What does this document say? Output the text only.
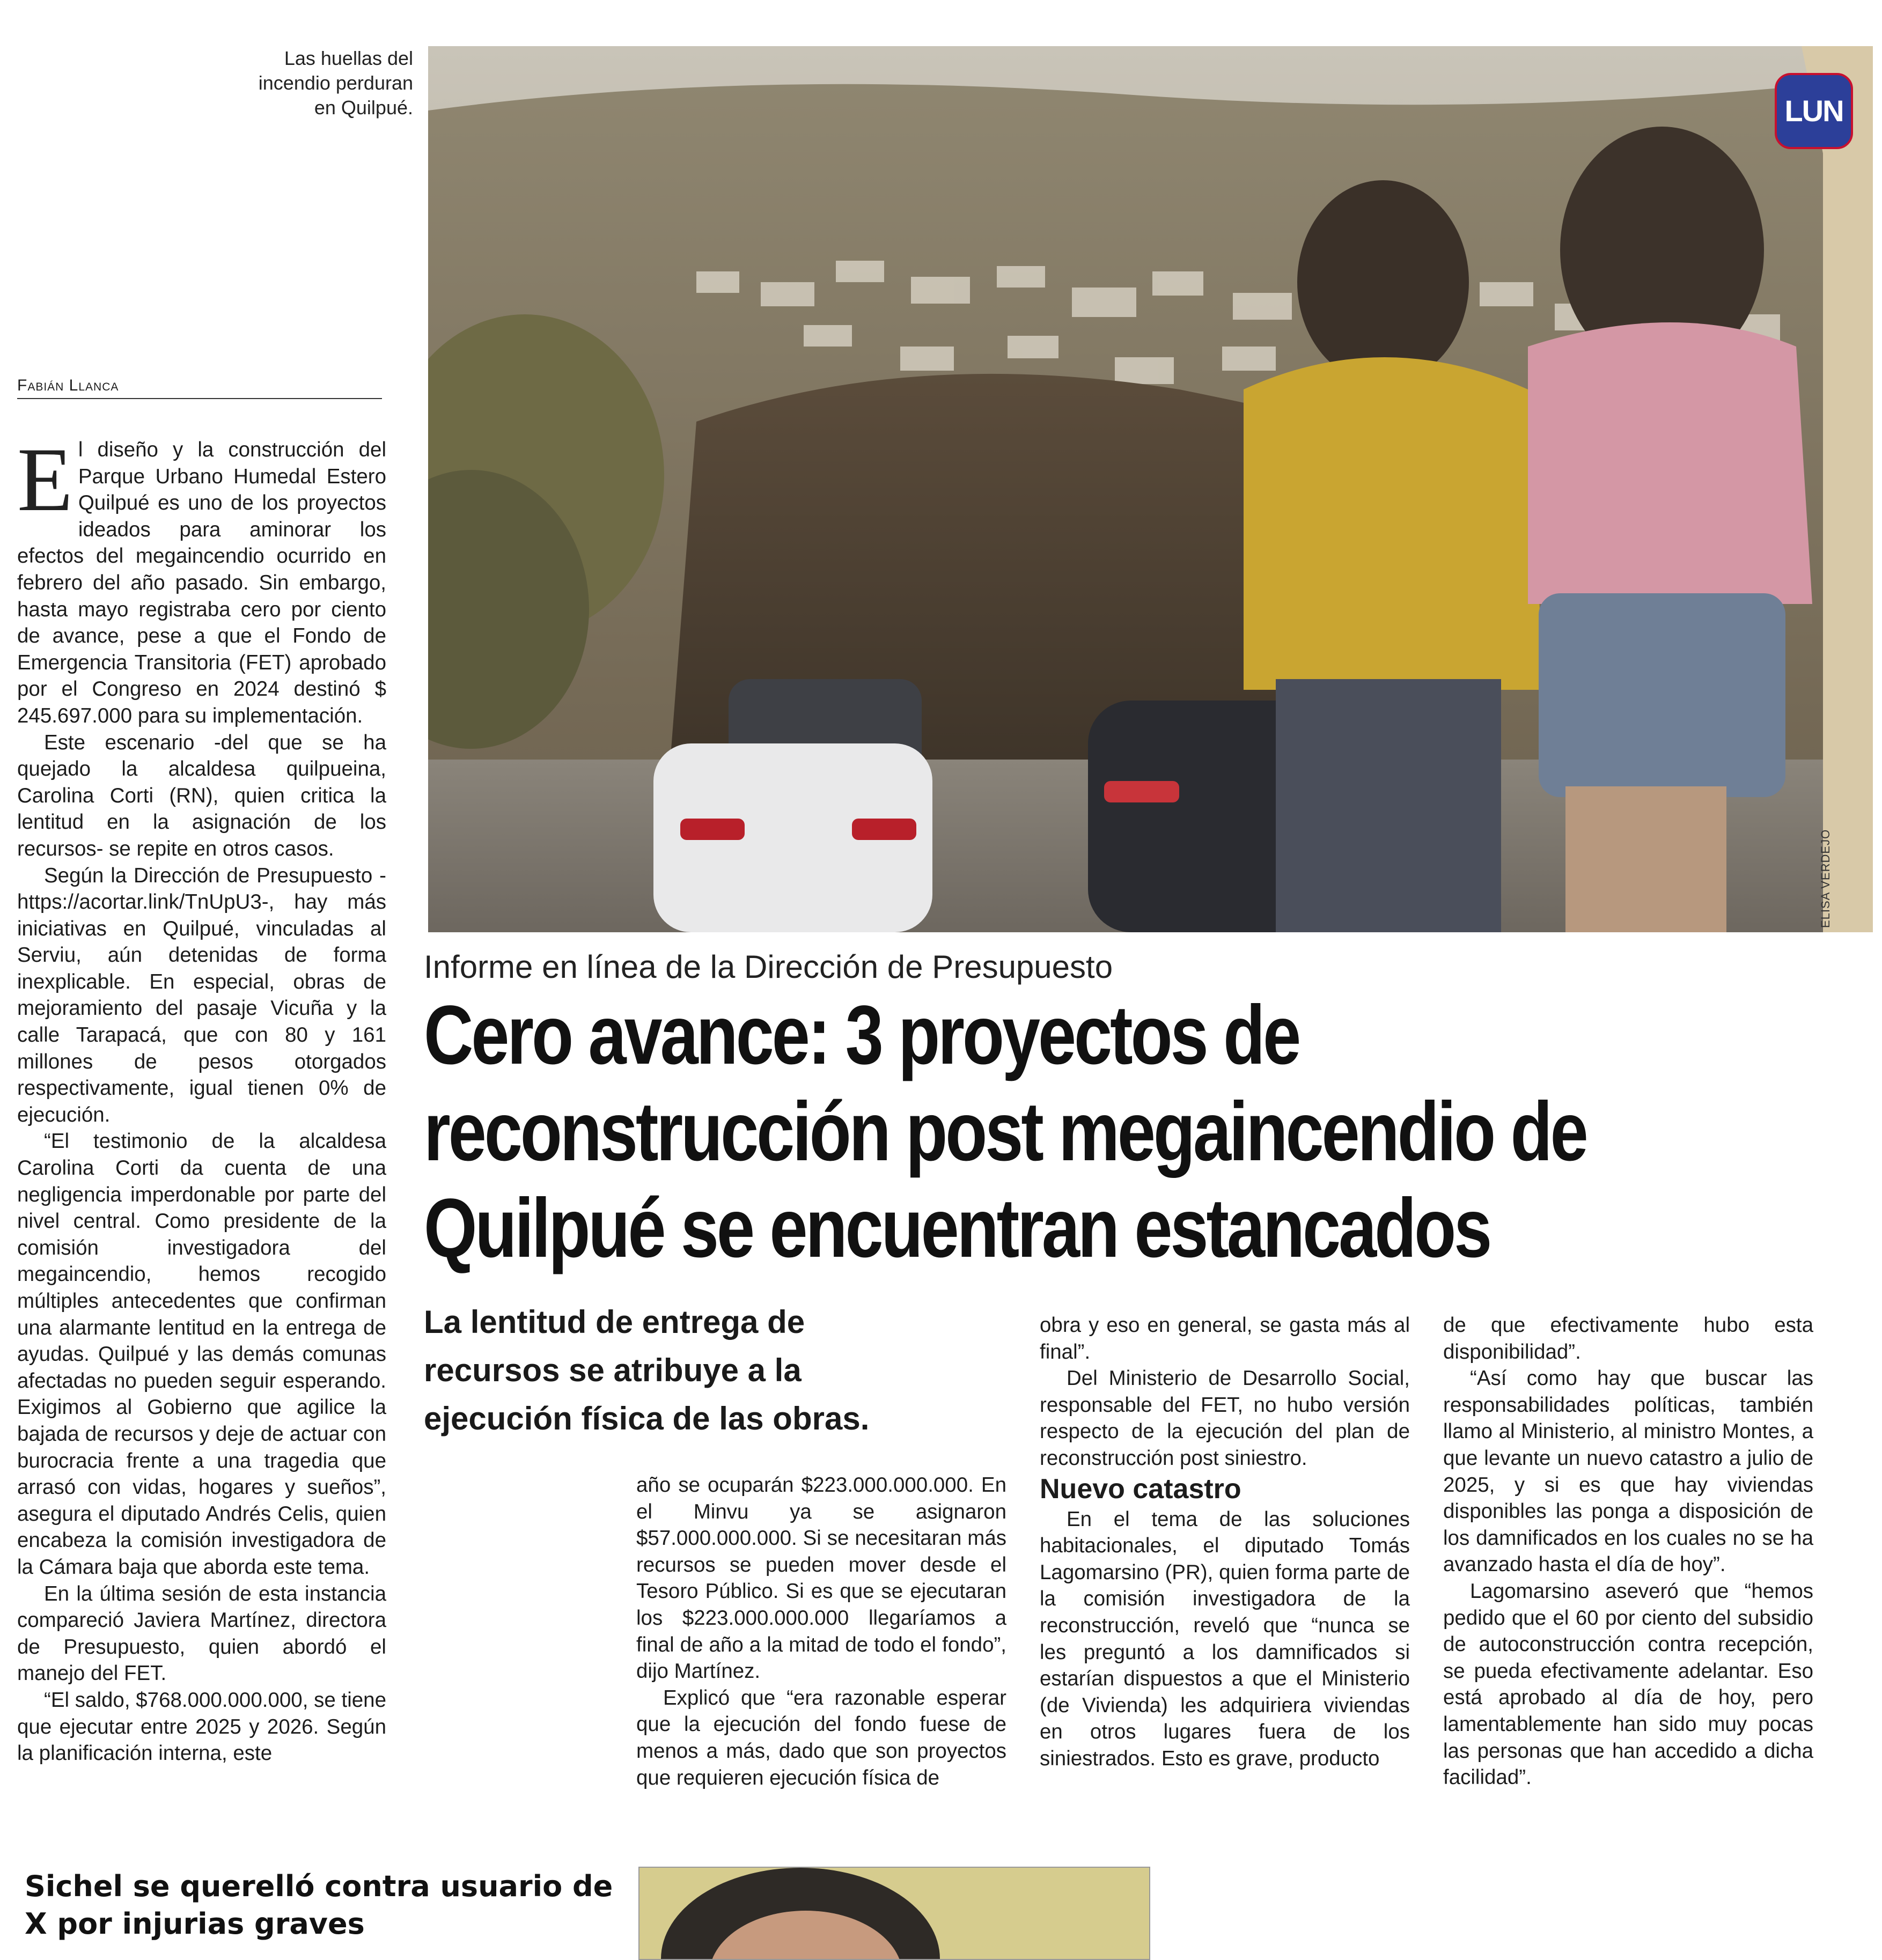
Las huellas del incendio perduran en Quilpué.	LUN
ELISA VERDEJO
Fabián Llanca

El diseño y la construcción del Parque Urbano Humedal Estero Quilpué es uno de los proyectos ideados para aminorar los efectos del megaincendio ocurrido en febrero del año pasado. Sin embargo, hasta mayo registraba cero por ciento de avance, pese a que el Fondo de Emergencia Transitoria (FET) aprobado por el Congreso en 2024 destinó $ 245.697.000 para su implementación.

Este escenario -del que se ha quejado la alcaldesa quilpueina, Carolina Corti (RN), quien critica la lentitud en la asignación de los recursos- se repite en otros casos.

Según la Dirección de Presupuesto -https://acortar.link/TnUpU3-, hay más iniciativas en Quilpué, vinculadas al Serviu, aún detenidas de forma inexplicable. En especial, obras de mejoramiento del pasaje Vicuña y la calle Tarapacá, que con 80 y 161 millones de pesos otorgados respectivamente, igual tienen 0% de ejecución.

“El testimonio de la alcaldesa Carolina Corti da cuenta de una negligencia imperdonable por parte del nivel central. Como presidente de la comisión investigadora del megaincendio, hemos recogido múltiples antecedentes que confirman una alarmante lentitud en la entrega de ayudas. Quilpué y las demás comunas afectadas no pueden seguir esperando. Exigimos al Gobierno que agilice la bajada de recursos y deje de actuar con burocracia frente a una tragedia que arrasó con vidas, hogares y sueños”, asegura el diputado Andrés Celis, quien encabeza la comisión investigadora de la Cámara baja que aborda este tema.

En la última sesión de esta instancia compareció Javiera Martínez, directora de Presupuesto, quien abordó el manejo del FET.

“El saldo, $768.000.000.000, se tiene que ejecutar entre 2025 y 2026. Según la planificación interna, este

Informe en línea de la Dirección de Presupuesto
Cero avance: 3 proyectos de reconstrucción post megaincendio de Quilpué se encuentran estancados

La lentitud de entrega de recursos se atribuye a la ejecución física de las obras.

año se ocuparán $223.000.000.000. En el Minvu ya se asignaron $57.000.000.000. Si se necesitaran más recursos se pueden mover desde el Tesoro Público. Si es que se ejecutaran los $223.000.000.000 llegaríamos a final de año a la mitad de todo el fondo”, dijo Martínez.

Explicó que “era razonable esperar que la ejecución del fondo fuese de menos a más, dado que son proyectos que requieren ejecución física de

obra y eso en general, se gasta más al final”.

Del Ministerio de Desarrollo Social, responsable del FET, no hubo versión respecto de la ejecución del plan de reconstrucción post siniestro.

Nuevo catastro

En el tema de las soluciones habitacionales, el diputado Tomás Lagomarsino (PR), quien forma parte de la comisión investigadora de la reconstrucción, reveló que “nunca se les preguntó a los damnificados si estarían dispuestos a que el Ministerio (de Vivienda) les adquiriera viviendas en otros lugares fuera de los siniestrados. Esto es grave, producto

de que efectivamente hubo esta disponibilidad”.

“Así como hay que buscar las responsabilidades políticas, también llamo al Ministerio, al ministro Montes, a que levante un nuevo catastro a julio de 2025, y si es que hay viviendas disponibles las ponga a disposición de los damnificados en los cuales no se ha avanzado hasta el día de hoy”.

Lagomarsino aseveró que “hemos pedido que el 60 por ciento del subsidio de autoconstrucción contra recepción, se pueda efectivamente adelantar. Eso está aprobado al día de hoy, pero lamentablemente han sido muy pocas las personas que han accedido a dicha facilidad”.

Sichel se querelló contra usuario de X por injurias graves
